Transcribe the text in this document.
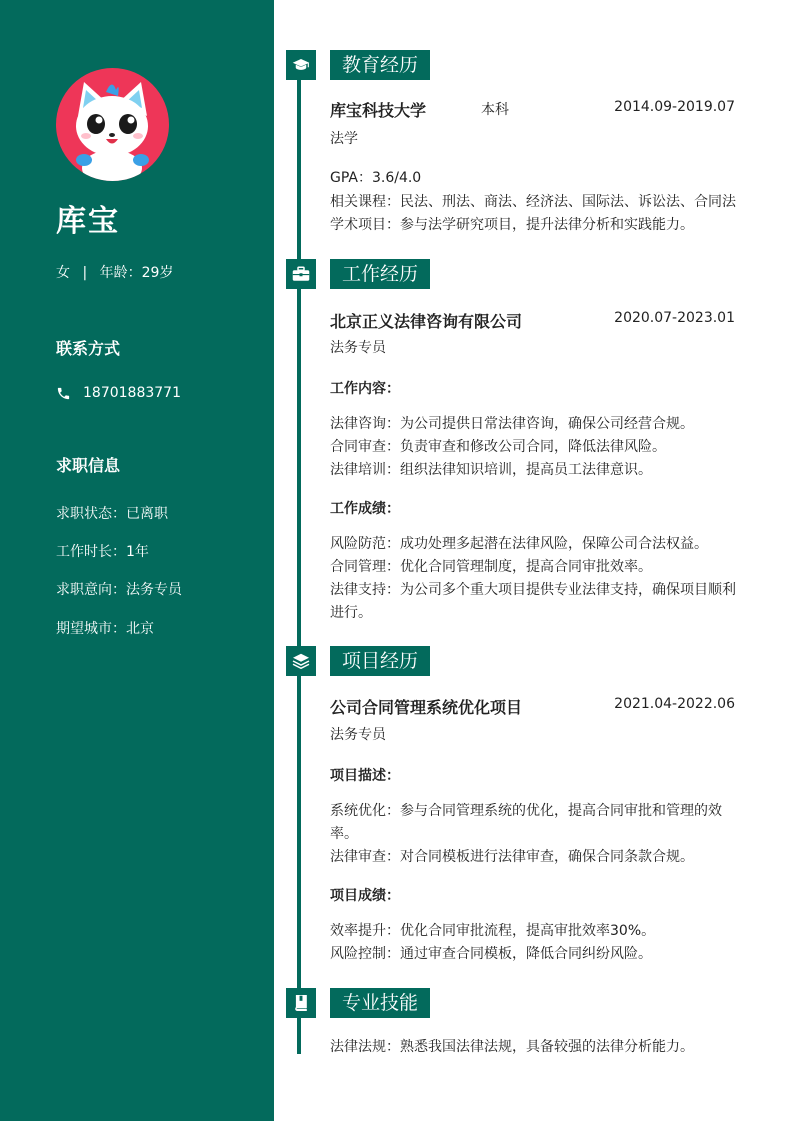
库宝
女 | 年龄：29岁
联系方式
18701883771
求职信息
求职状态：已离职
工作时长：1年
求职意向：法务专员
期望城市：北京
教育经历
库宝科技大学	本科	2014.09-2019.07
法学
GPA：3.6/4.0
相关课程：民法、刑法、商法、经济法、国际法、诉讼法、合同法
学术项目：参与法学研究项目，提升法律分析和实践能力。
工作经历
北京正义法律咨询有限公司	2020.07-2023.01
法务专员
工作内容：
法律咨询：为公司提供日常法律咨询，确保公司经营合规。
合同审查：负责审查和修改公司合同，降低法律风险。
法律培训：组织法律知识培训，提高员工法律意识。
工作成绩：
风险防范：成功处理多起潜在法律风险，保障公司合法权益。
合同管理：优化合同管理制度，提高合同审批效率。
法律支持：为公司多个重大项目提供专业法律支持，确保项目顺利
进行。
项目经历
公司合同管理系统优化项目	2021.04-2022.06
法务专员
项目描述：
系统优化：参与合同管理系统的优化，提高合同审批和管理的效
率。
法律审查：对合同模板进行法律审查，确保合同条款合规。
项目成绩：
效率提升：优化合同审批流程，提高审批效率30%。
风险控制：通过审查合同模板，降低合同纠纷风险。
专业技能
法律法规：熟悉我国法律法规，具备较强的法律分析能力。
